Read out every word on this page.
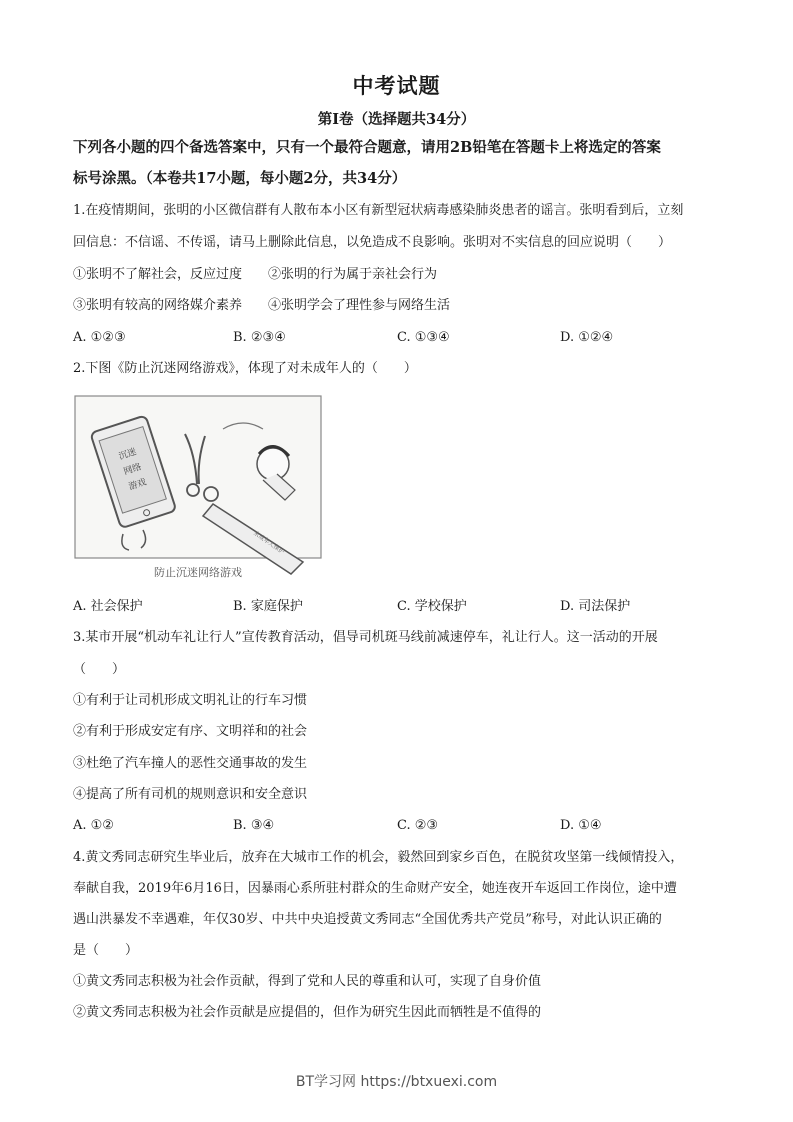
中考试题
第I卷（选择题共34分）
下列各小题的四个备选答案中，只有一个最符合题意，请用2B铅笔在答题卡上将选定的答案
标号涂黑。（本卷共17小题，每小题2分，共34分）
1.在疫情期间，张明的小区微信群有人散布本小区有新型冠状病毒感染肺炎患者的谣言。张明看到后，立刻
回信息：不信谣、不传谣，请马上删除此信息，以免造成不良影响。张明对不实信息的回应说明（　　）
①张明不了解社会，反应过度　　②张明的行为属于亲社会行为
③张明有较高的网络媒介素养　　④张明学会了理性参与网络生活
A. ①②③	B. ②③④	C. ①③④	D. ①②④
2.下图《防止沉迷网络游戏》，体现了对未成年人的（　　）
沉迷
网络
游戏
未成年人保护
防止沉迷网络游戏
A. 社会保护	B. 家庭保护	C. 学校保护	D. 司法保护
3.某市开展“机动车礼让行人”宣传教育活动，倡导司机斑马线前减速停车，礼让行人。这一活动的开展
（　　）
①有利于让司机形成文明礼让的行车习惯
②有利于形成安定有序、文明祥和的社会
③杜绝了汽车撞人的恶性交通事故的发生
④提高了所有司机的规则意识和安全意识
A. ①②	B. ③④	C. ②③	D. ①④
4.黄文秀同志研究生毕业后，放弃在大城市工作的机会，毅然回到家乡百色，在脱贫攻坚第一线倾情投入，
奉献自我，2019年6月16日，因暴雨心系所驻村群众的生命财产安全，她连夜开车返回工作岗位，途中遭
遇山洪暴发不幸遇难，年仅30岁、中共中央追授黄文秀同志“全国优秀共产党员”称号，对此认识正确的
是（　　）
①黄文秀同志积极为社会作贡献，得到了党和人民的尊重和认可，实现了自身价值
②黄文秀同志积极为社会作贡献是应提倡的，但作为研究生因此而牺牲是不值得的
BT学习网 https://btxuexi.com
